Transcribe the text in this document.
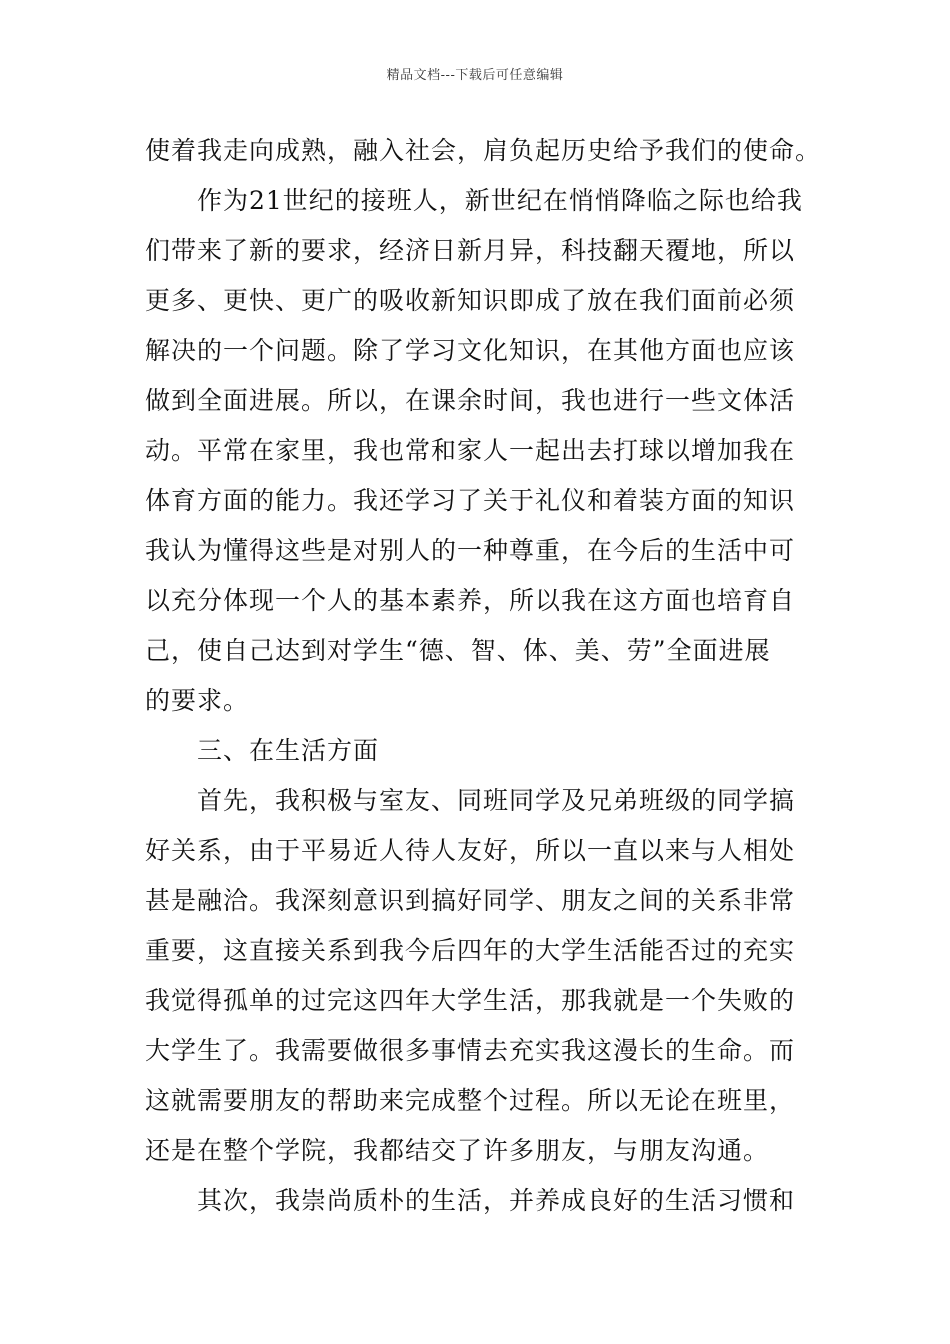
精品文档---下载后可任意编辑
使着我走向成熟，融入社会，肩负起历史给予我们的使命。
作为21世纪的接班人，新世纪在悄悄降临之际也给我
们带来了新的要求，经济日新月异，科技翻天覆地，所以
更多、更快、更广的吸收新知识即成了放在我们面前必须
解决的一个问题。除了学习文化知识，在其他方面也应该
做到全面进展。所以，在课余时间，我也进行一些文体活
动。平常在家里，我也常和家人一起出去打球以增加我在
体育方面的能力。我还学习了关于礼仪和着装方面的知识
我认为懂得这些是对别人的一种尊重，在今后的生活中可
以充分体现一个人的基本素养，所以我在这方面也培育自
己，使自己达到对学生“德、智、体、美、劳”全面进展
的要求。
三、在生活方面
首先，我积极与室友、同班同学及兄弟班级的同学搞
好关系，由于平易近人待人友好，所以一直以来与人相处
甚是融洽。我深刻意识到搞好同学、朋友之间的关系非常
重要，这直接关系到我今后四年的大学生活能否过的充实
我觉得孤单的过完这四年大学生活，那我就是一个失败的
大学生了。我需要做很多事情去充实我这漫长的生命。而
这就需要朋友的帮助来完成整个过程。所以无论在班里，
还是在整个学院，我都结交了许多朋友，与朋友沟通。
其次，我崇尚质朴的生活，并养成良好的生活习惯和
